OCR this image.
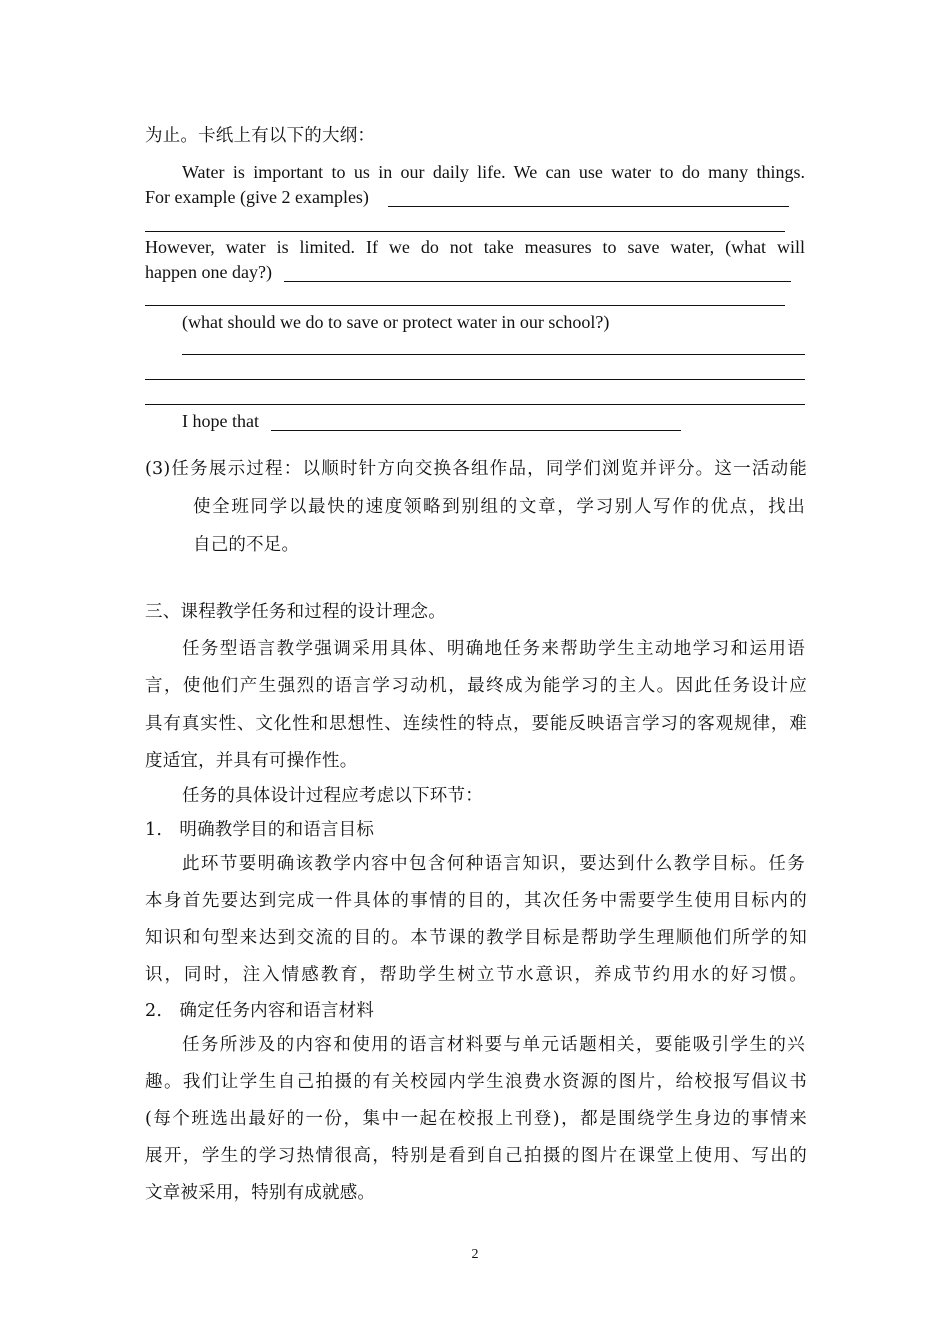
为止。卡纸上有以下的大纲：
Water is important to us in our daily life. We can use water to do many things.
For example (give 2 examples)
However, water is limited. If we do not take measures to save water, (what will
happen one day?)
(what should we do to save or protect water in our school?)
I hope that
(3)任务展示过程：以顺时针方向交换各组作品，同学们浏览并评分。这一活动能
使全班同学以最快的速度领略到别组的文章，学习别人写作的优点，找出
自己的不足。
三、课程教学任务和过程的设计理念。
任务型语言教学强调采用具体、明确地任务来帮助学生主动地学习和运用语
言，使他们产生强烈的语言学习动机，最终成为能学习的主人。因此任务设计应
具有真实性、文化性和思想性、连续性的特点，要能反映语言学习的客观规律，难
度适宜，并具有可操作性。
任务的具体设计过程应考虑以下环节：
1.   明确教学目的和语言目标
此环节要明确该教学内容中包含何种语言知识，要达到什么教学目标。任务
本身首先要达到完成一件具体的事情的目的，其次任务中需要学生使用目标内的
知识和句型来达到交流的目的。本节课的教学目标是帮助学生理顺他们所学的知
识，同时，注入情感教育，帮助学生树立节水意识，养成节约用水的好习惯。
2.   确定任务内容和语言材料
任务所涉及的内容和使用的语言材料要与单元话题相关，要能吸引学生的兴
趣。我们让学生自己拍摄的有关校园内学生浪费水资源的图片，给校报写倡议书
(每个班选出最好的一份，集中一起在校报上刊登)，都是围绕学生身边的事情来
展开，学生的学习热情很高，特别是看到自己拍摄的图片在课堂上使用、写出的
文章被采用，特别有成就感。
2
